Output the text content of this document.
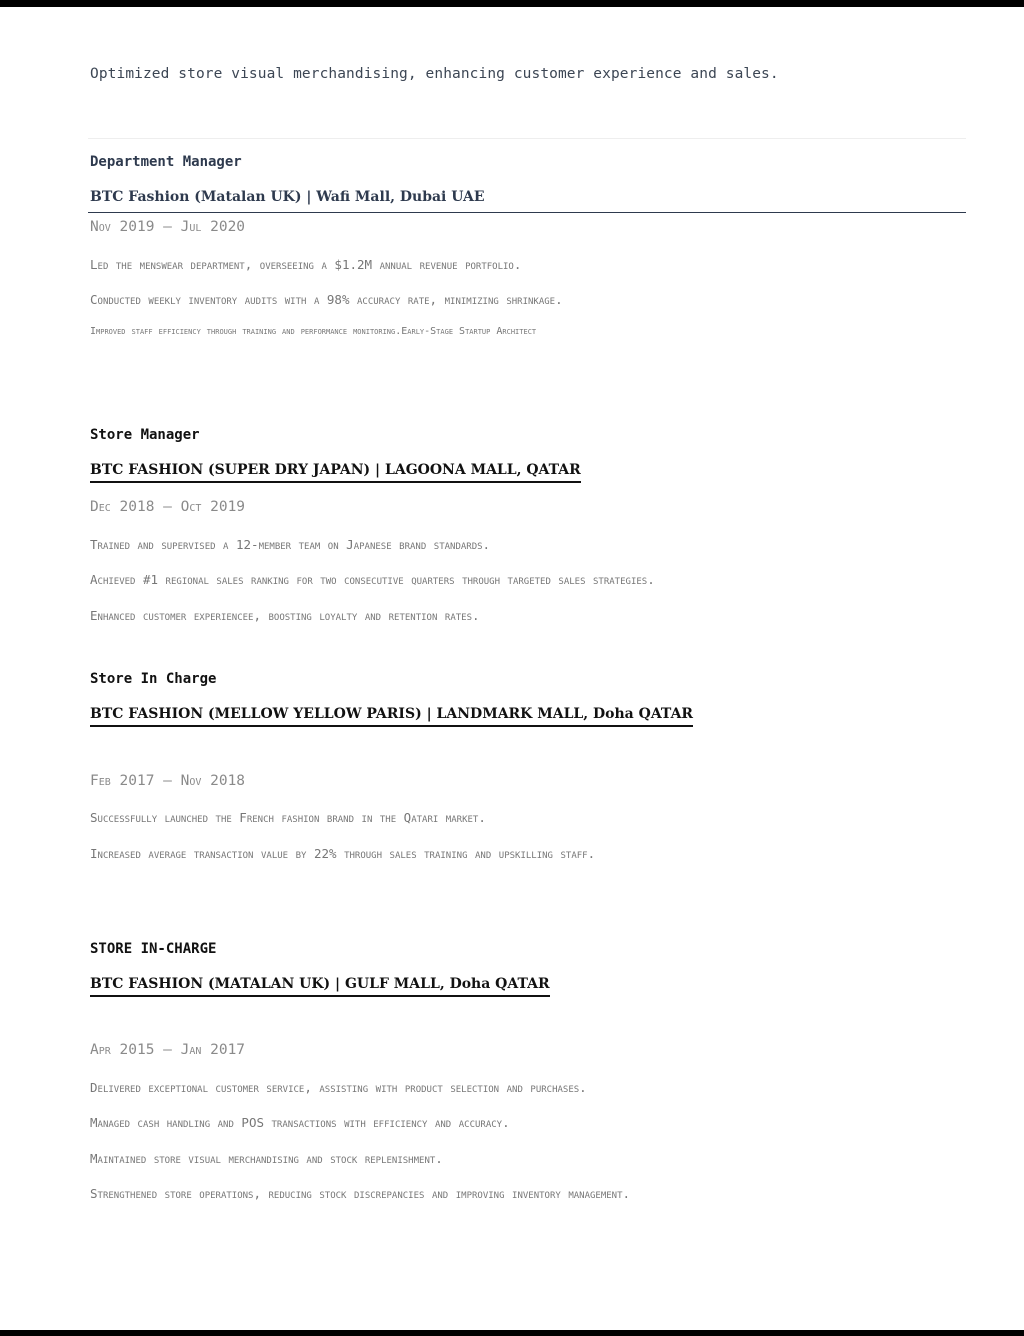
Optimized store visual merchandising, enhancing customer experience and sales.
Department Manager
BTC Fashion (Matalan UK) | Wafi Mall, Dubai UAE
Nov 2019 – Jul 2020
Led the menswear department, overseeing a $1.2M annual revenue portfolio.
Conducted weekly inventory audits with a 98% accuracy rate, minimizing shrinkage.
Improved staff efficiency through training and performance monitoring.Early-Stage Startup Architect
Store Manager
BTC FASHION (SUPER DRY JAPAN) | LAGOONA MALL, QATAR
Dec 2018 – Oct 2019
Trained and supervised a 12-member team on Japanese brand standards.
Achieved #1 regional sales ranking for two consecutive quarters through targeted sales strategies.
Enhanced customer experiencee, boosting loyalty and retention rates.
Store In Charge
BTC FASHION (MELLOW YELLOW PARIS) | LANDMARK MALL, Doha QATAR
Feb 2017 – Nov 2018
Successfully launched the French fashion brand in the Qatari market.
Increased average transaction value by 22% through sales training and upskilling staff.
STORE IN-CHARGE
BTC FASHION (MATALAN UK) | GULF MALL, Doha QATAR
Apr 2015 – Jan 2017
Delivered exceptional customer service, assisting with product selection and purchases.
Managed cash handling and POS transactions with efficiency and accuracy.
Maintained store visual merchandising and stock replenishment.
Strengthened store operations, reducing stock discrepancies and improving inventory management.
